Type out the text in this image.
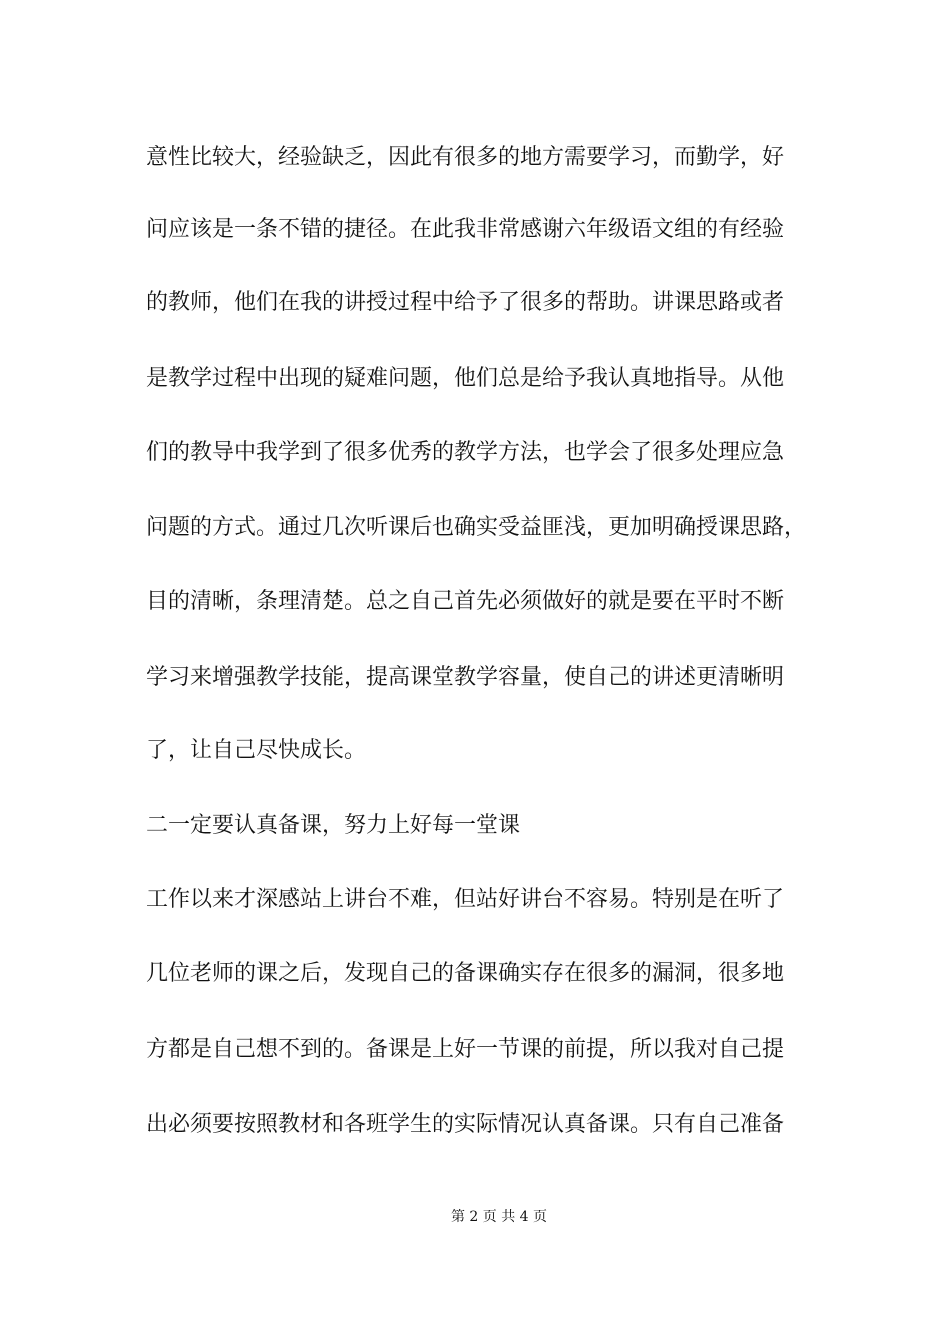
意性比较大，经验缺乏，因此有很多的地方需要学习，而勤学，好
问应该是一条不错的捷径。在此我非常感谢六年级语文组的有经验
的教师，他们在我的讲授过程中给予了很多的帮助。讲课思路或者
是教学过程中出现的疑难问题，他们总是给予我认真地指导。从他
们的教导中我学到了很多优秀的教学方法，也学会了很多处理应急
问题的方式。通过几次听课后也确实受益匪浅，更加明确授课思路，
目的清晰，条理清楚。总之自己首先必须做好的就是要在平时不断
学习来增强教学技能，提高课堂教学容量，使自己的讲述更清晰明
了，让自己尽快成长。
二一定要认真备课，努力上好每一堂课
工作以来才深感站上讲台不难，但站好讲台不容易。特别是在听了
几位老师的课之后，发现自己的备课确实存在很多的漏洞，很多地
方都是自己想不到的。备课是上好一节课的前提，所以我对自己提
出必须要按照教材和各班学生的实际情况认真备课。只有自己准备
第 2 页 共 4 页
